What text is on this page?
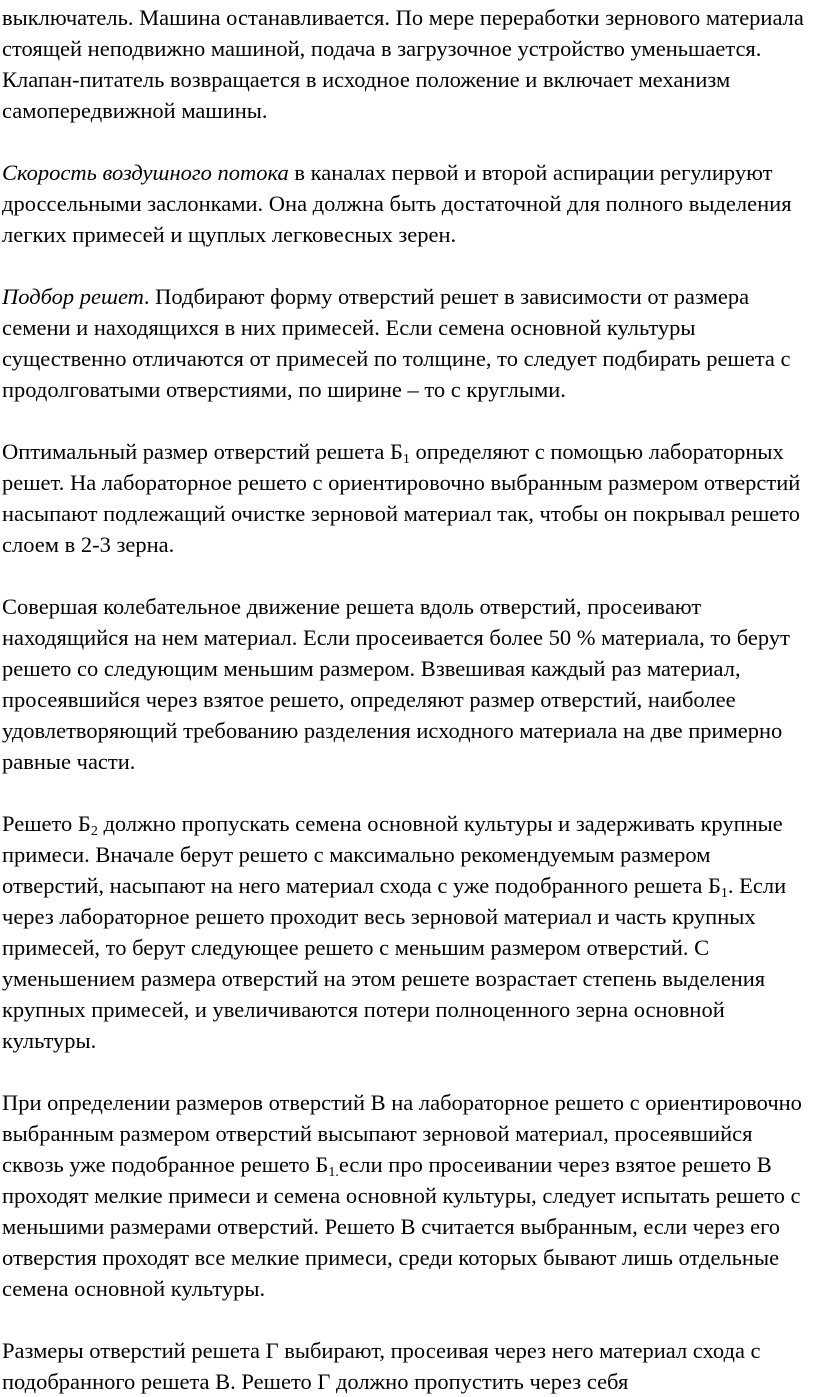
выключатель. Машина останавливается. По мере переработки зернового материала стоящей неподвижно машиной, подача в загрузочное устройство уменьшается. Клапан-питатель возвращается в исходное положение и включает механизм самопередвижной машины.

Скорость воздушного потока в каналах первой и второй аспирации регулируют дроссельными заслонками. Она должна быть достаточной для полного выделения легких примесей и щуплых легковесных зерен.

Подбор решет. Подбирают форму отверстий решет в зависимости от размера семени и находящихся в них примесей. Если семена основной культуры существенно отличаются от примесей по толщине, то следует подбирать решета с продолговатыми отверстиями, по ширине – то с круглыми.

Оптимальный размер отверстий решета $Б_1$ определяют с помощью лабораторных решет. На лабораторное решето с ориентировочно выбранным размером отверстий насыпают подлежащий очистке зерновой материал так, чтобы он покрывал решето слоем в 2-3 зерна.

Совершая колебательное движение решета вдоль отверстий, просеивают находящийся на нем материал. Если просеивается более 50 % материала, то берут решето со следующим меньшим размером. Взвешивая каждый раз материал, просеявшийся через взятое решето, определяют размер отверстий, наиболее удовлетворяющий требованию разделения исходного материала на две примерно равные части.

Решето $Б_2$ должно пропускать семена основной культуры и задерживать крупные примеси. Вначале берут решето с максимально рекомендуемым размером отверстий, насыпают на него материал схода с уже подобранного решета $Б_1$. Если через лабораторное решето проходит весь зерновой материал и часть крупных примесей, то берут следующее решето с меньшим размером отверстий. С уменьшением размера отверстий на этом решете возрастает степень выделения крупных примесей, и увеличиваются потери полноценного зерна основной культуры.

При определении размеров отверстий В на лабораторное решето с ориентировочно выбранным размером отверстий высыпают зерновой материал, просеявшийся сквозь уже подобранное решето $Б_{1.}если$ про просеивании через взятое решето В проходят мелкие примеси и семена основной культуры, следует испытать решето с меньшими размерами отверстий. Решето В считается выбранным, если через его отверстия проходят все мелкие примеси, среди которых бывают лишь отдельные семена основной культуры.

Размеры отверстий решета Г выбирают, просеивая через него материал схода с подобранного решета В. Решето Г должно пропустить через себя
